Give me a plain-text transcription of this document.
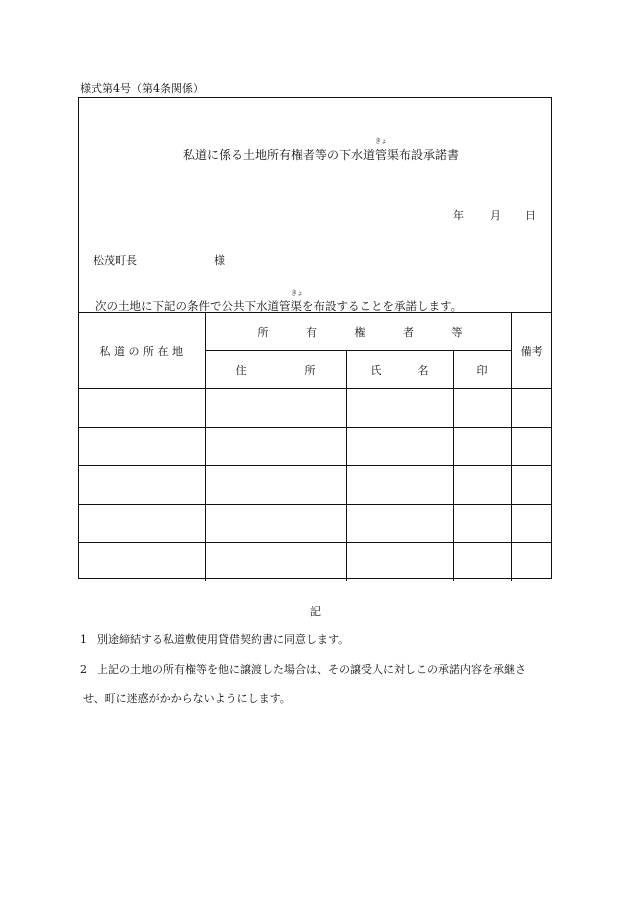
様式第4号（第4条関係）
きょ
私道に係る土地所有権者等の下水道管渠布設承諾書
年 月 日
松茂町長	様
きょ
次の土地に下記の条件で公共下水道管渠を布設することを承諾します。
私 道 の 所 在 地	所 有 権 者 等			備考

	住 所	氏 名	印	

記
1 別途締結する私道敷使用貸借契約書に同意します。
2 上記の土地の所有権等を他に譲渡した場合は、その譲受人に対しこの承諾内容を承継さ
せ、町に迷惑がかからないようにします。
